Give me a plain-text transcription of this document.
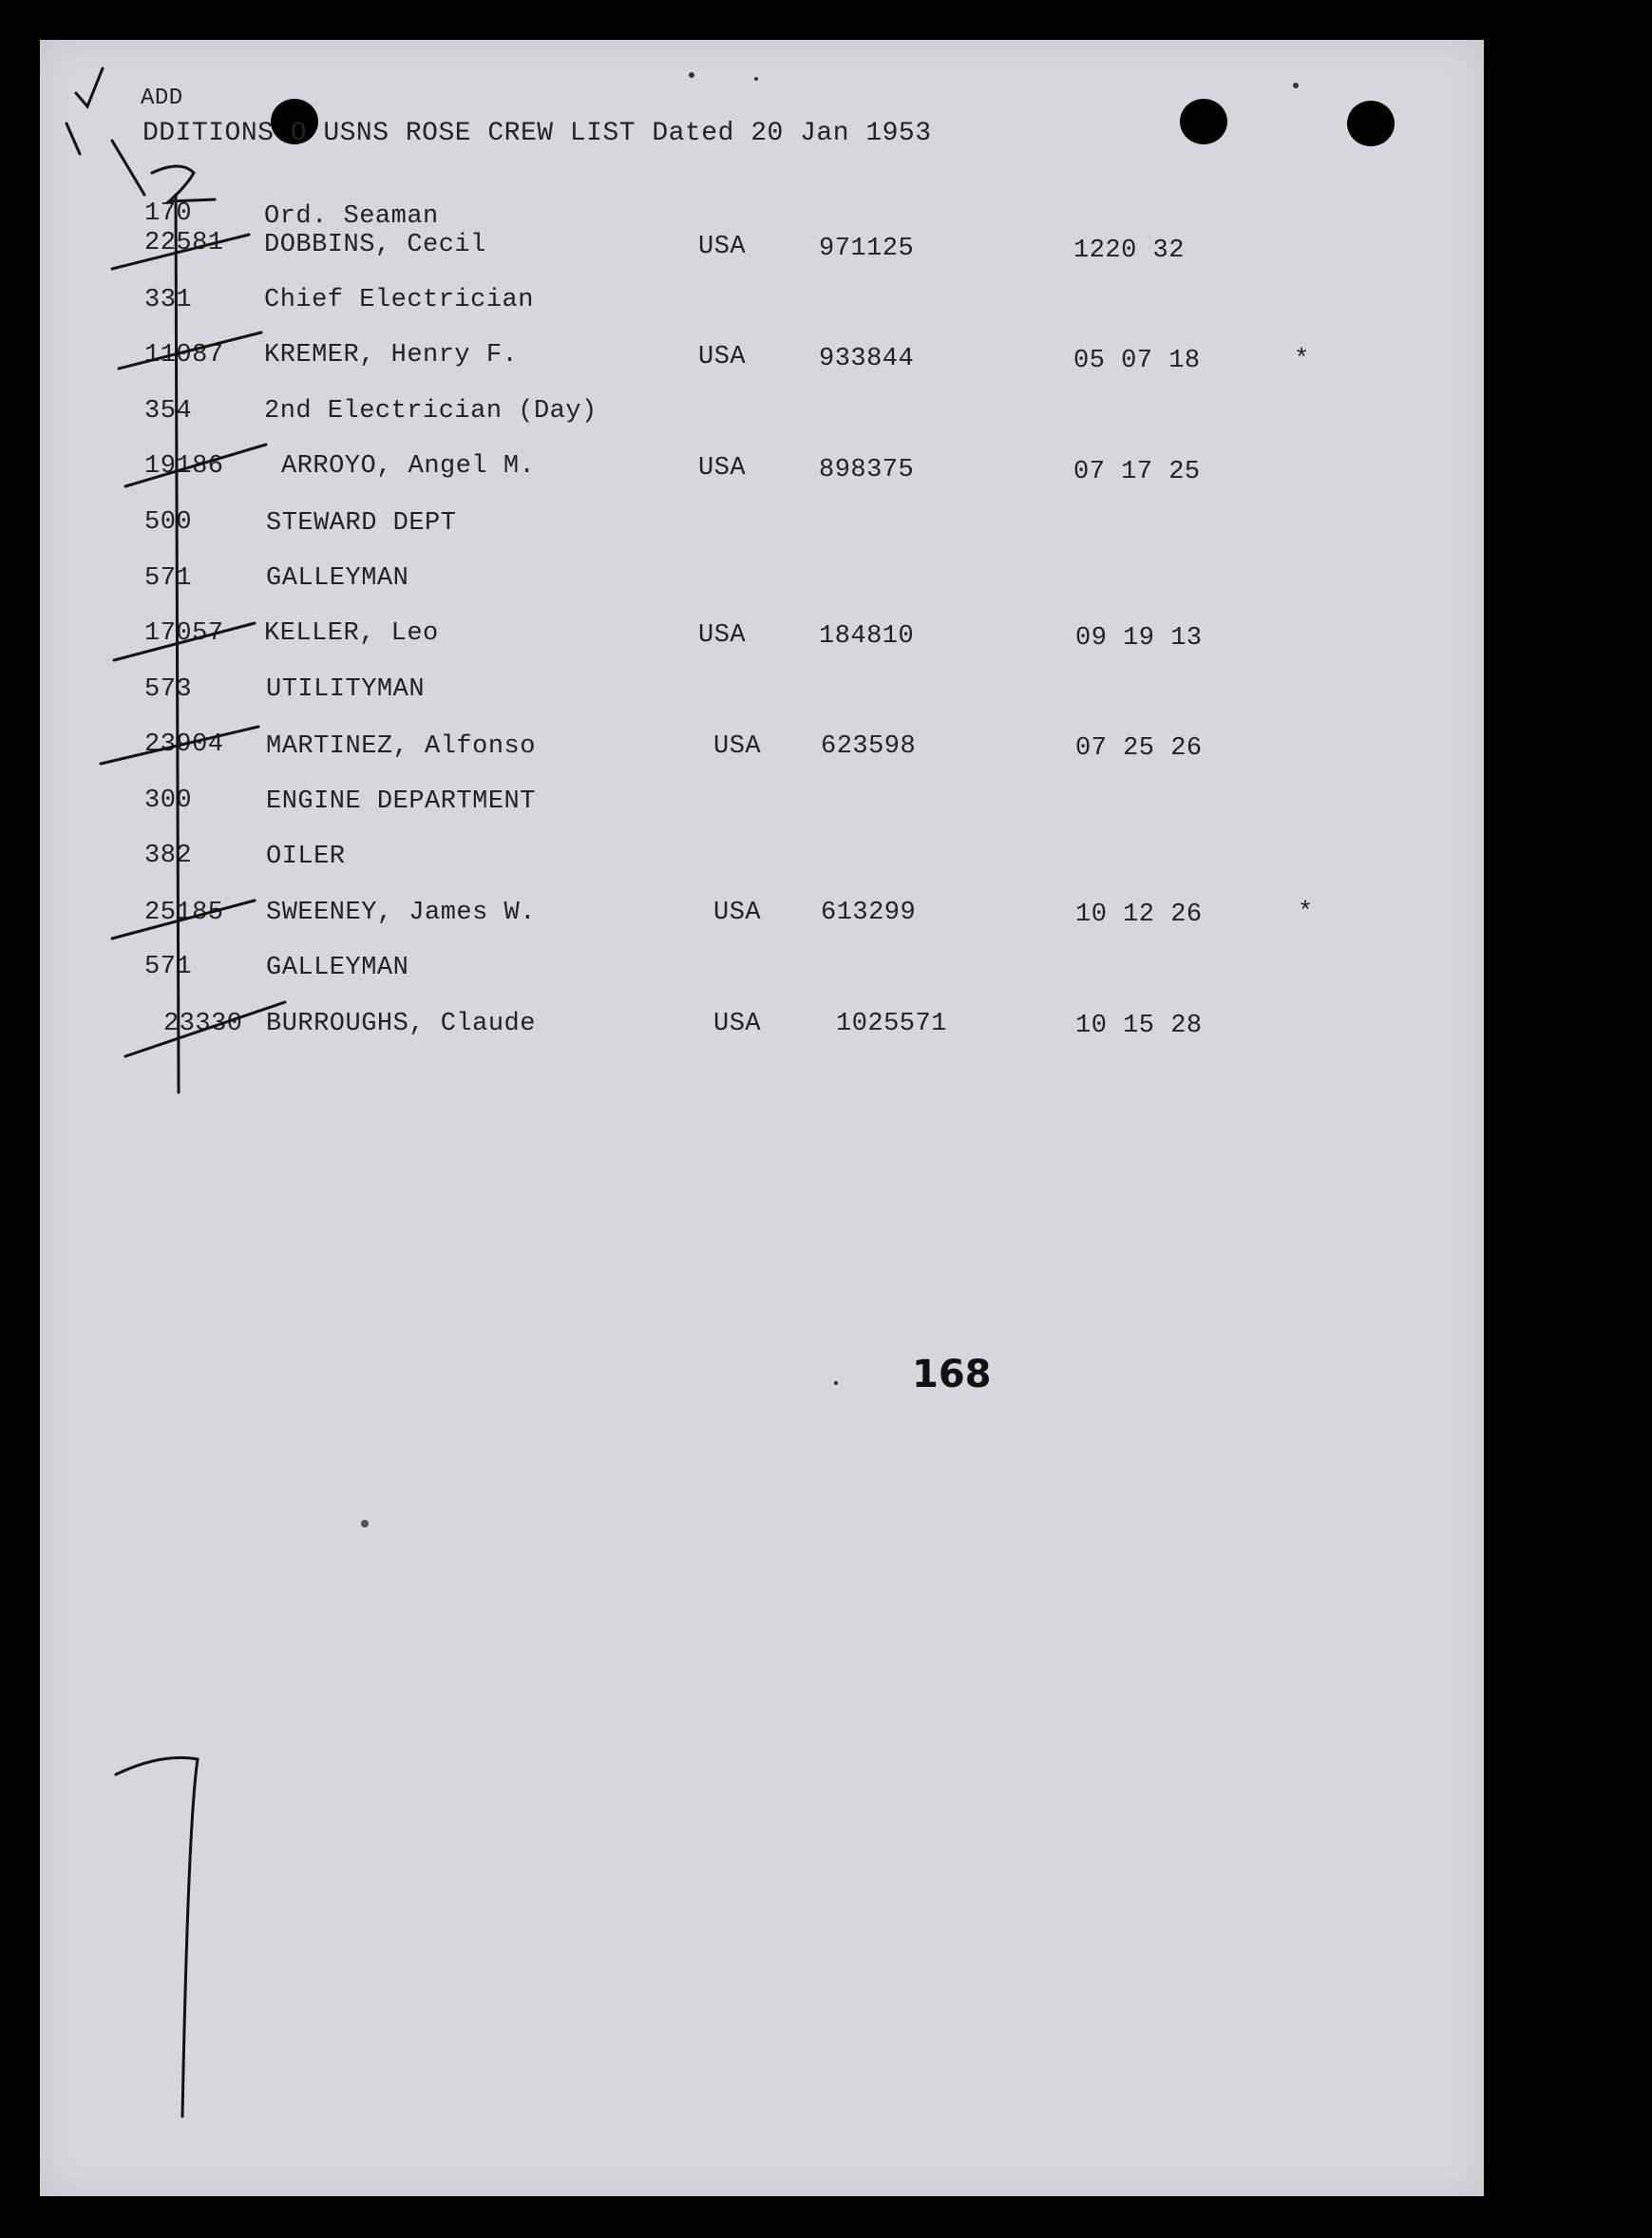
ADD
DDITIONS O USNS ROSE CREW LIST Dated 20 Jan 1953
170	Ord. Seaman
22581 DOBBINS, Cecil	USA	971125	1220 32
331	Chief Electrician
11087 KREMER, Henry F.	USA	933844	05 07 18	*
354	2nd Electrician (Day)
19186 ARROYO, Angel M.	USA	898375	07 17 25
500	STEWARD DEPT
571	GALLEYMAN
17057 KELLER, Leo	USA	184810	09 19 13
573	UTILITYMAN
23904 MARTINEZ, Alfonso	USA 623598	07 25 26
300	ENGINE DEPARTMENT
382	OILER
25185 SWEENEY, James W.	USA 613299	10 12 26	*
571	GALLEYMAN
23330 BURROUGHS, Claude	USA	1025571	10 15 28
168
